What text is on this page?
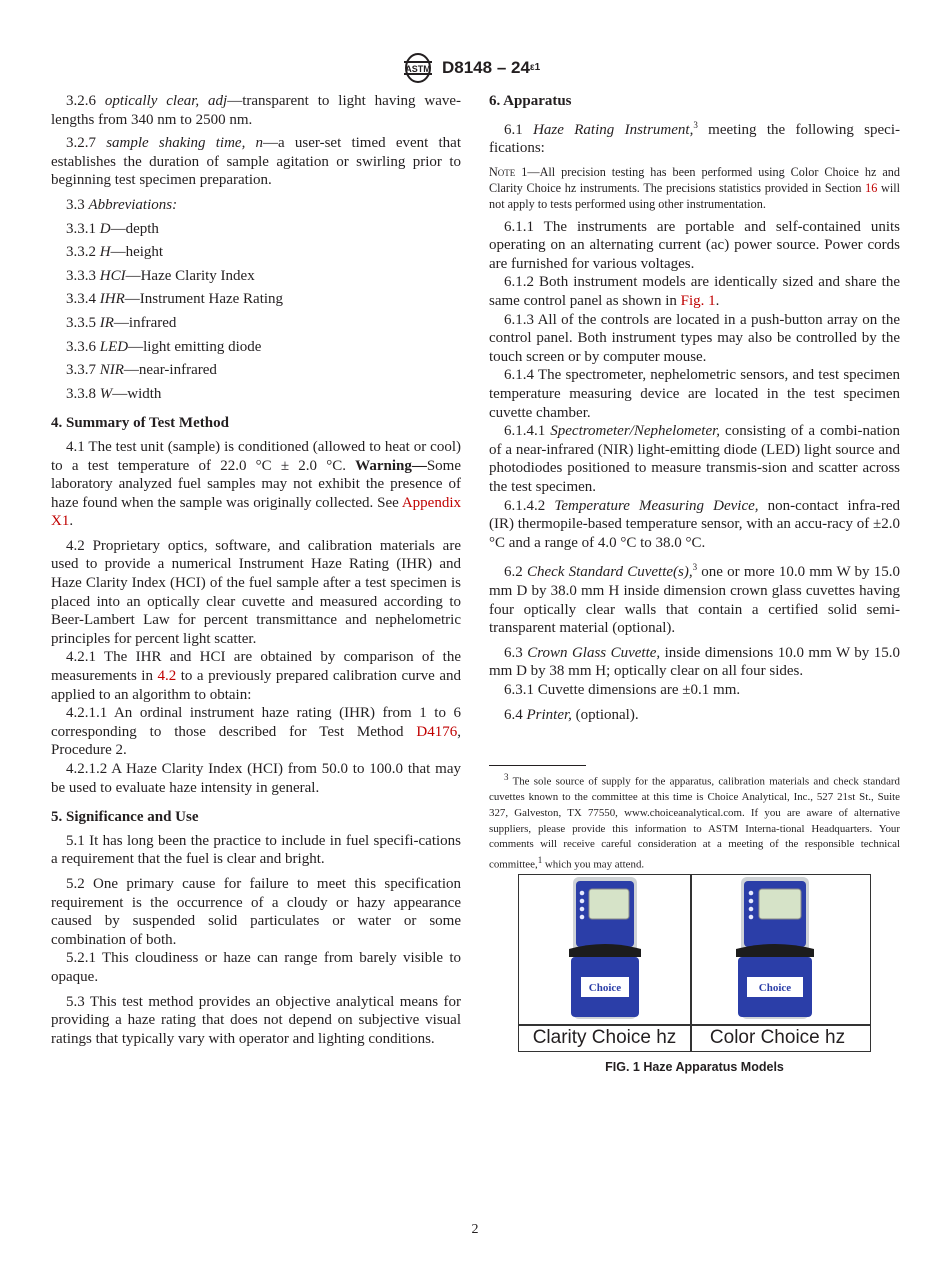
ASTM $D8148 - 24^{\varepsilon 1}$

3.2.6 optically clear, adj—transparent to light having wave-lengths from 340 nm to 2500 nm.

3.2.7 sample shaking time, n—a user-set timed event that establishes the duration of sample agitation or swirling prior to beginning test specimen preparation.

3.3 Abbreviations:

3.3.1 D—depth

3.3.2 H—height

3.3.3 HCI—Haze Clarity Index

3.3.4 IHR—Instrument Haze Rating

3.3.5 IR—infrared

3.3.6 LED—light emitting diode

3.3.7 NIR—near-infrared

3.3.8 W—width

4. Summary of Test Method

4.1 The test unit (sample) is conditioned (allowed to heat or cool) to a test temperature of 22.0 °C ± 2.0 °C. Warning—Some laboratory analyzed fuel samples may not exhibit the presence of haze found when the sample was originally collected. See Appendix X1.

4.2 Proprietary optics, software, and calibration materials are used to provide a numerical Instrument Haze Rating (IHR) and Haze Clarity Index (HCI) of the fuel sample after a test specimen is placed into an optically clear cuvette and measured according to Beer-Lambert Law for percent transmittance and nephelometric principles for percent light scatter.

4.2.1 The IHR and HCI are obtained by comparison of the measurements in 4.2 to a previously prepared calibration curve and applied to an algorithm to obtain:

4.2.1.1 An ordinal instrument haze rating (IHR) from 1 to 6 corresponding to those described for Test Method D4176, Procedure 2.

4.2.1.2 A Haze Clarity Index (HCI) from 50.0 to 100.0 that may be used to evaluate haze intensity in general.

5. Significance and Use

5.1 It has long been the practice to include in fuel specifi-cations a requirement that the fuel is clear and bright.

5.2 One primary cause for failure to meet this specification requirement is the occurrence of a cloudy or hazy appearance caused by suspended solid particulates or water or some combination of both.

5.2.1 This cloudiness or haze can range from barely visible to opaque.

5.3 This test method provides an objective analytical means for providing a haze rating that does not depend on subjective visual ratings that typically vary with operator and lighting conditions.

6. Apparatus

6.1 Haze Rating Instrument,$^3$ meeting the following speci-fications:

Note 1—All precision testing has been performed using Color Choice hz and Clarity Choice hz instruments. The precisions statistics provided in Section 16 will not apply to tests performed using other instrumentation.

6.1.1 The instruments are portable and self-contained units operating on an alternating current (ac) power source. Power cords are furnished for various voltages.

6.1.2 Both instrument models are identically sized and share the same control panel as shown in Fig. 1.

6.1.3 All of the controls are located in a push-button array on the control panel. Both instrument types may also be controlled by the touch screen or by computer mouse.

6.1.4 The spectrometer, nephelometric sensors, and test specimen temperature measuring device are located in the test specimen cuvette chamber.

6.1.4.1 Spectrometer/Nephelometer, consisting of a combi-nation of a near-infrared (NIR) light-emitting diode (LED) light source and photodiodes positioned to measure transmis-sion and scatter across the test specimen.

6.1.4.2 Temperature Measuring Device, non-contact infra-red (IR) thermopile-based temperature sensor, with an accu-racy of ±2.0 °C and a range of 4.0 °C to 38.0 °C.

6.2 Check Standard Cuvette(s),$^3$ one or more 10.0 mm W by 15.0 mm D by 38.0 mm H inside dimension crown glass cuvettes having four optically clear walls that contain a certified solid semi-transparent material (optional).

6.3 Crown Glass Cuvette, inside dimensions 10.0 mm W by 15.0 mm D by 38 mm H; optically clear on all four sides.

6.3.1 Cuvette dimensions are ±0.1 mm.

6.4 Printer, (optional).

$^3$ The sole source of supply for the apparatus, calibration materials and check standard cuvettes known to the committee at this time is Choice Analytical, Inc., 527 21st St., Suite 327, Galveston, TX 77550, www.choiceanalytical.com. If you are aware of alternative suppliers, please provide this information to ASTM Interna-tional Headquarters. Your comments will receive careful consideration at a meeting of the responsible technical committee,$^1$ which you may attend.

Choice	Choice
Clarity Choice hz	Color Choice hz
FIG. 1 Haze Apparatus Models
2
